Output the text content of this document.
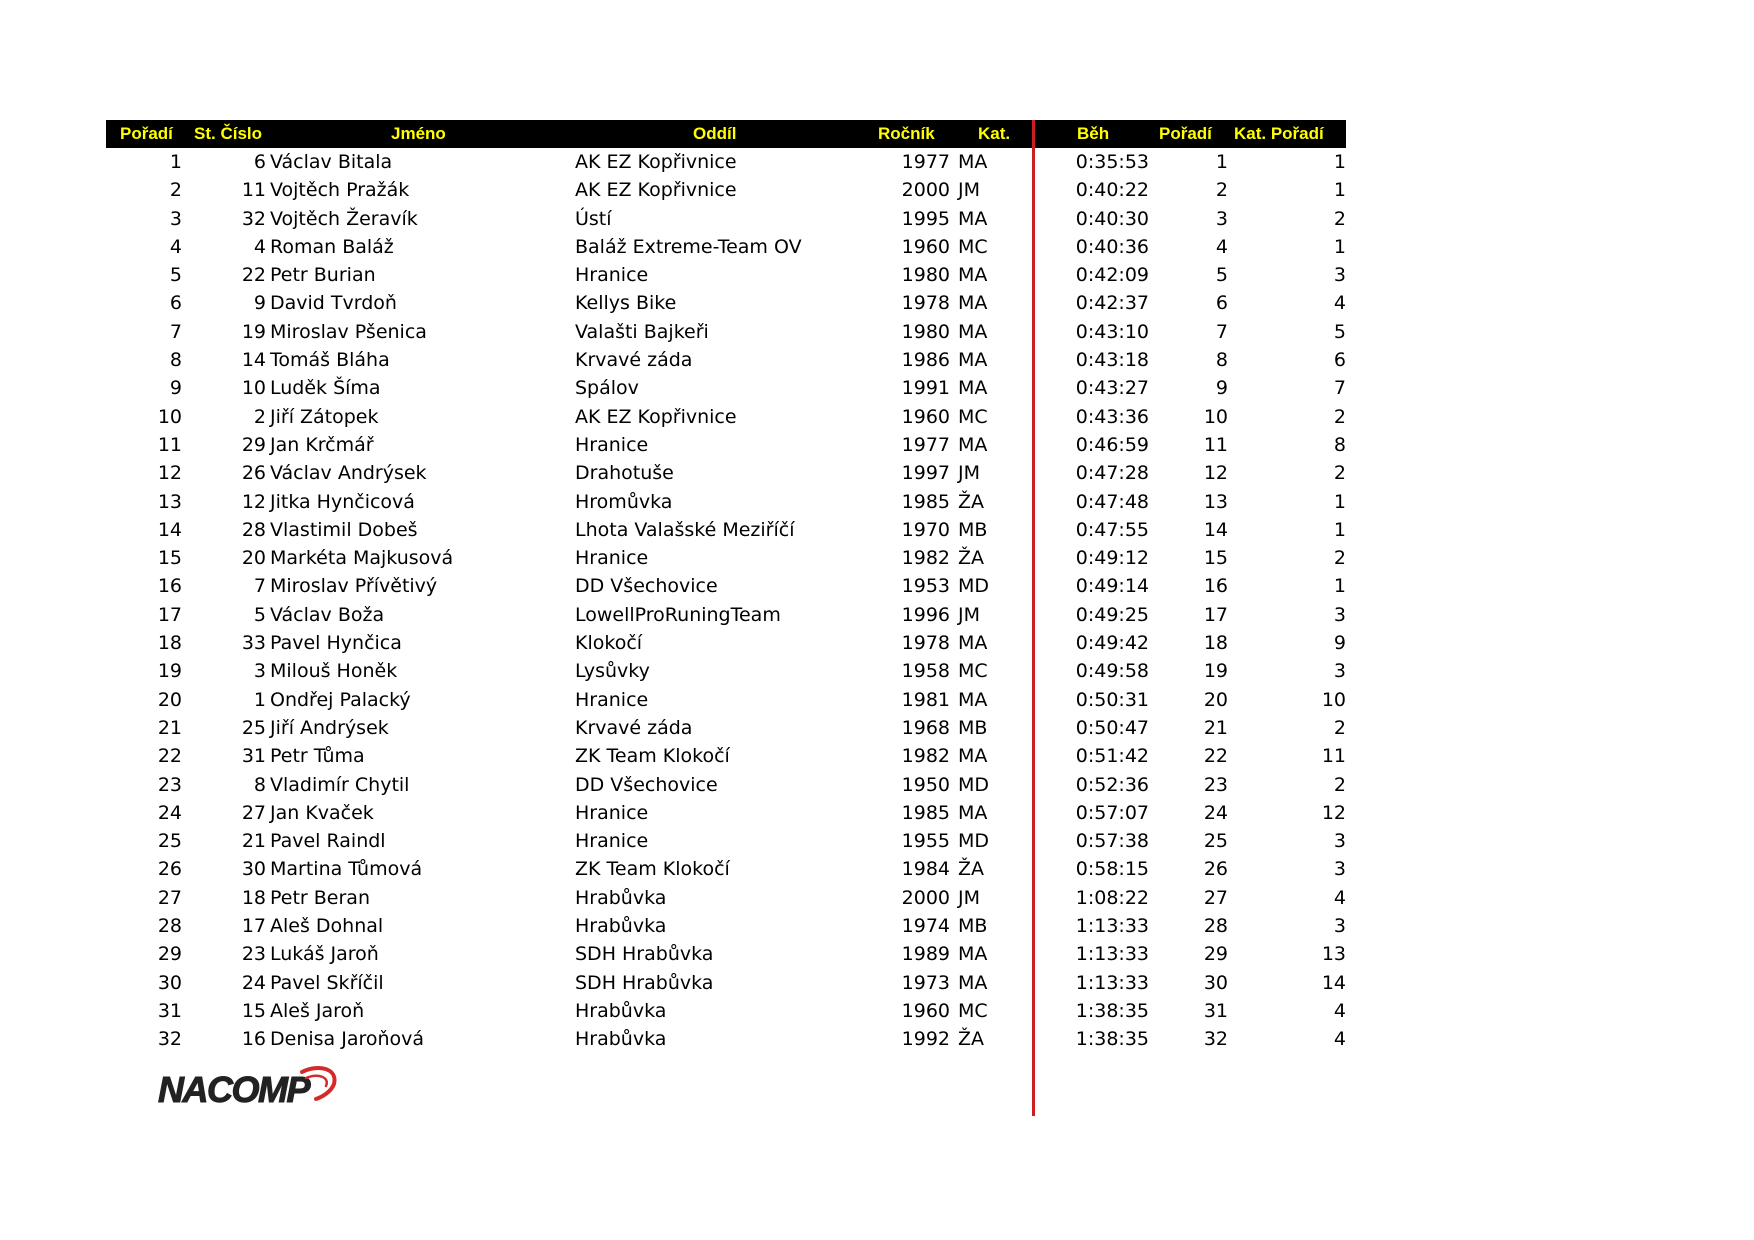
Pořadí St. Číslo	Jméno	Oddíl	Ročník	Kat.	Běh	Pořadí Kat. Pořadí
1	6 Václav Bitala	AK EZ Kopřivnice	1977 MA	0:35:53	1	1
2	11 Vojtěch Pražák	AK EZ Kopřivnice	2000 JM	0:40:22	2	1
3	32 Vojtěch Žeravík	Ústí	1995 MA	0:40:30	3	2
4	4 Roman Baláž	Baláž Extreme-Team OV	1960 MC	0:40:36	4	1
5	22 Petr Burian	Hranice	1980 MA	0:42:09	5	3
6	9 David Tvrdoň	Kellys Bike	1978 MA	0:42:37	6	4
7	19 Miroslav Pšenica	Valašti Bajkeři	1980 MA	0:43:10	7	5
8	14 Tomáš Bláha	Krvavé záda	1986 MA	0:43:18	8	6
9	10 Luděk Šíma	Spálov	1991 MA	0:43:27	9	7
10	2 Jiří Zátopek	AK EZ Kopřivnice	1960 MC	0:43:36	10	2
11	29 Jan Krčmář	Hranice	1977 MA	0:46:59	11	8
12	26 Václav Andrýsek	Drahotuše	1997 JM	0:47:28	12	2
13	12 Jitka Hynčicová	Hromůvka	1985 ŽA	0:47:48	13	1
14	28 Vlastimil Dobeš	Lhota Valašské Meziříčí	1970 MB	0:47:55	14	1
15	20 Markéta Majkusová	Hranice	1982 ŽA	0:49:12	15	2
16	7 Miroslav Přívětivý	DD Všechovice	1953 MD	0:49:14	16	1
17	5 Václav Boža	LowellProRuningTeam	1996 JM	0:49:25	17	3
18	33 Pavel Hynčica	Klokočí	1978 MA	0:49:42	18	9
19	3 Milouš Honěk	Lysůvky	1958 MC	0:49:58	19	3
20	1 Ondřej Palacký	Hranice	1981 MA	0:50:31	20	10
21	25 Jiří Andrýsek	Krvavé záda	1968 MB	0:50:47	21	2
22	31 Petr Tůma	ZK Team Klokočí	1982 MA	0:51:42	22	11
23	8 Vladimír Chytil	DD Všechovice	1950 MD	0:52:36	23	2
24	27 Jan Kvaček	Hranice	1985 MA	0:57:07	24	12
25	21 Pavel Raindl	Hranice	1955 MD	0:57:38	25	3
26	30 Martina Tůmová	ZK Team Klokočí	1984 ŽA	0:58:15	26	3
27	18 Petr Beran	Hrabůvka	2000 JM	1:08:22	27	4
28	17 Aleš Dohnal	Hrabůvka	1974 MB	1:13:33	28	3
29	23 Lukáš Jaroň	SDH Hrabůvka	1989 MA	1:13:33	29	13
30	24 Pavel Skříčil	SDH Hrabůvka	1973 MA	1:13:33	30	14
31	15 Aleš Jaroň	Hrabůvka	1960 MC	1:38:35	31	4
32	16 Denisa Jaroňová	Hrabůvka	1992 ŽA	1:38:35	32	4
NACOMP
